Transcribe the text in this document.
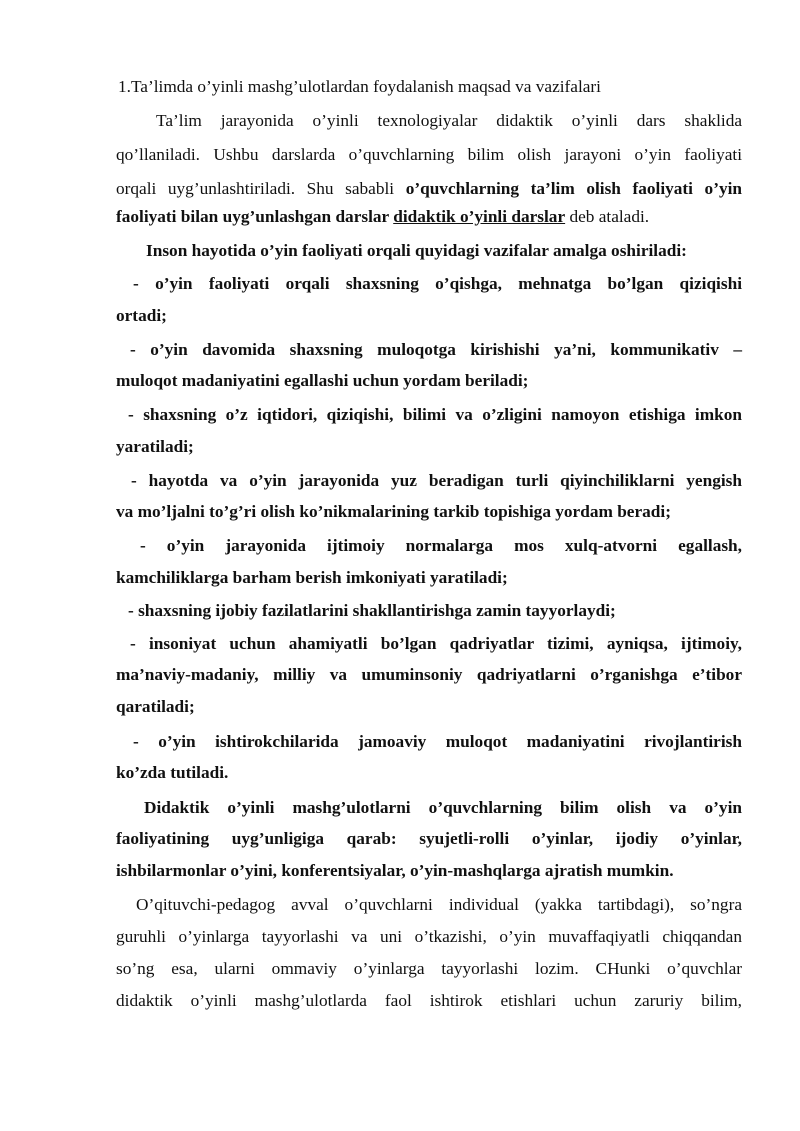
1.Ta’limda o’yinli mashg’ulotlardan foydalanish maqsad va vazifalari
Ta’lim jarayonida o’yinli texnologiyalar didaktik o’yinli dars shaklida
qo’llaniladi. Ushbu darslarda o’quvchlarning bilim olish jarayoni o’yin faoliyati
orqali uyg’unlashtiriladi. Shu sababli o’quvchlarning ta’lim olish faoliyati o’yin
faoliyati bilan uyg’unlashgan darslar didaktik o’yinli darslar deb ataladi.
Inson hayotida o’yin faoliyati orqali quyidagi vazifalar amalga oshiriladi:
- o’yin faoliyati orqali shaxsning o’qishga, mehnatga bo’lgan qiziqishi
ortadi;
- o’yin davomida shaxsning muloqotga kirishishi ya’ni, kommunikativ –
muloqot madaniyatini egallashi uchun yordam beriladi;
- shaxsning o’z iqtidori, qiziqishi, bilimi va o’zligini namoyon etishiga imkon
yaratiladi;
- hayotda va o’yin jarayonida yuz beradigan turli qiyinchiliklarni yengish
va mo’ljalni to’g’ri olish ko’nikmalarining tarkib topishiga yordam beradi;
- o’yin jarayonida ijtimoiy normalarga mos xulq-atvorni egallash,
kamchiliklarga barham berish imkoniyati yaratiladi;
- shaxsning ijobiy fazilatlarini shakllantirishga zamin tayyorlaydi;
- insoniyat uchun ahamiyatli bo’lgan qadriyatlar tizimi, ayniqsa, ijtimoiy,
ma’naviy-madaniy, milliy va umuminsoniy qadriyatlarni o’rganishga e’tibor
qaratiladi;
- o’yin ishtirokchilarida jamoaviy muloqot madaniyatini rivojlantirish
ko’zda tutiladi.
Didaktik o’yinli mashg’ulotlarni o’quvchlarning bilim olish va o’yin
faoliyatining uyg’unligiga qarab: syujetli-rolli o’yinlar, ijodiy o’yinlar,
ishbilarmonlar o’yini, konferentsiyalar, o’yin-mashqlarga ajratish mumkin.
O’qituvchi-pedagog avval o’quvchlarni individual (yakka tartibdagi), so’ngra
guruhli o’yinlarga tayyorlashi va uni o’tkazishi, o’yin muvaffaqiyatli chiqqandan
so’ng esa, ularni ommaviy o’yinlarga tayyorlashi lozim. CHunki o’quvchlar
didaktik o’yinli mashg’ulotlarda faol ishtirok etishlari uchun zaruriy bilim,
